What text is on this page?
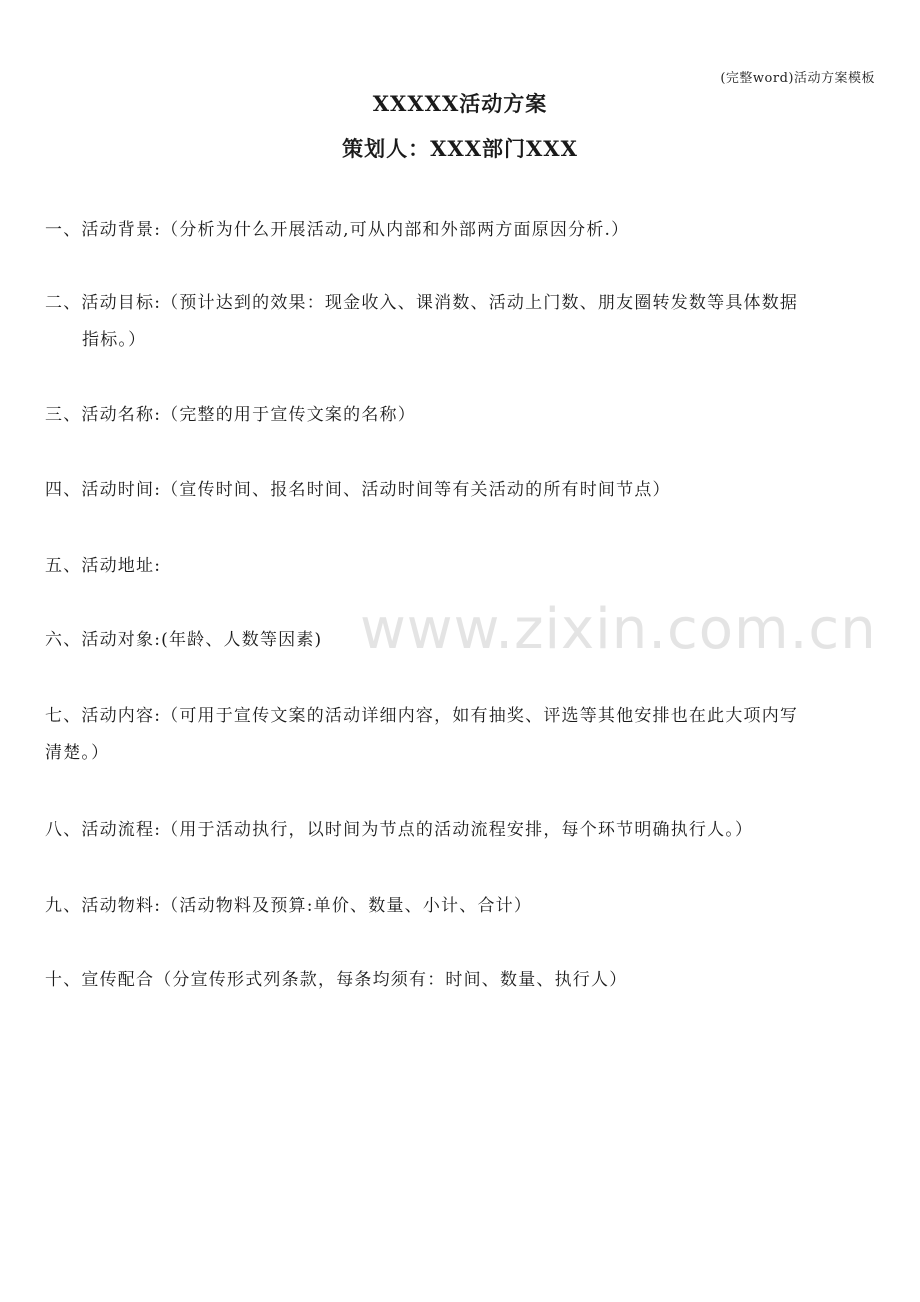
(完整word)活动方案模板
XXXXX活动方案
策划人：XXX部门XXX
一、活动背景:（分析为什么开展活动,可从内部和外部两方面原因分析.）
二、活动目标:（预计达到的效果：现金收入、课消数、活动上门数、朋友圈转发数等具体数据
指标。）
三、活动名称:（完整的用于宣传文案的名称）
四、活动时间:（宣传时间、报名时间、活动时间等有关活动的所有时间节点）
五、活动地址:
六、活动对象:(年龄、人数等因素)
七、活动内容:（可用于宣传文案的活动详细内容，如有抽奖、评选等其他安排也在此大项内写
清楚。）
八、活动流程:（用于活动执行，以时间为节点的活动流程安排，每个环节明确执行人。）
九、活动物料:（活动物料及预算:单价、数量、小计、合计）
十、宣传配合（分宣传形式列条款，每条均须有：时间、数量、执行人）
www.zixin.com.cn
